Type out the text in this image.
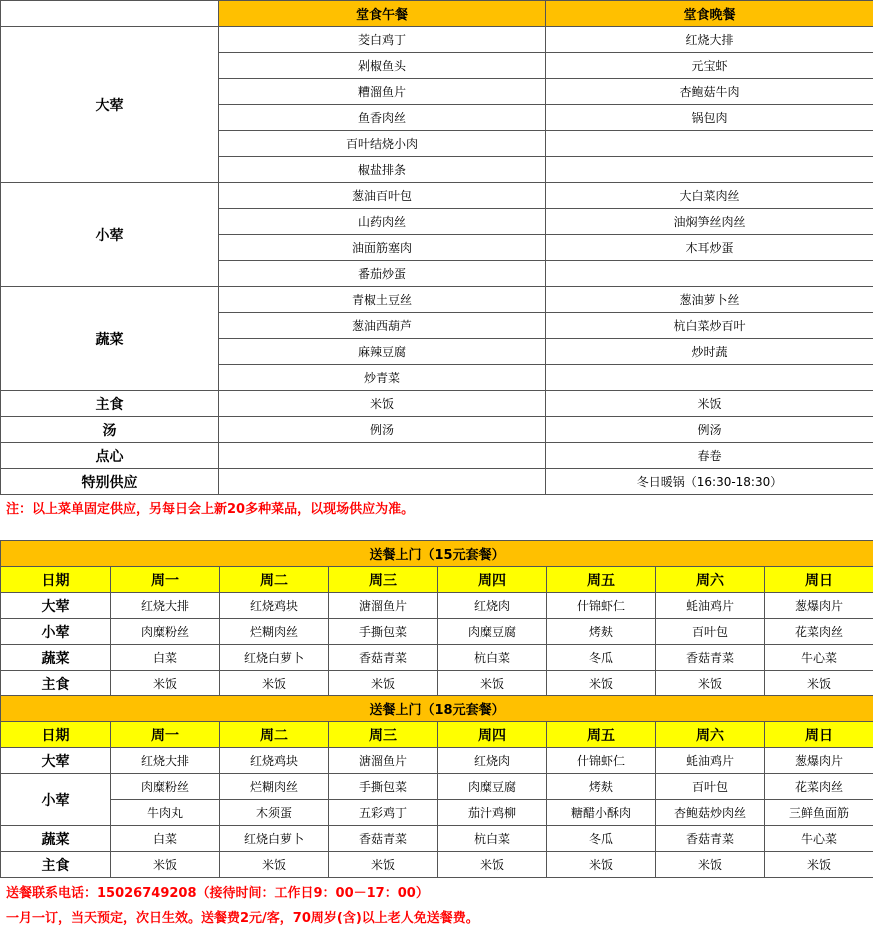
	堂食午餐	堂食晚餐
大荤	茭白鸡丁	红烧大排
	剁椒鱼头	元宝虾
	糟溜鱼片	杏鲍菇牛肉
	鱼香肉丝	锅包肉
	百叶结烧小肉	
	椒盐排条	
小荤	葱油百叶包	大白菜肉丝
	山药肉丝	油焖笋丝肉丝
	油面筋塞肉	木耳炒蛋
	番茄炒蛋	
蔬菜	青椒土豆丝	葱油萝卜丝
	葱油西葫芦	杭白菜炒百叶
	麻辣豆腐	炒时蔬
	炒青菜	
主食	米饭	米饭
汤	例汤	例汤
点心		春卷
特别供应		冬日暖锅（16:30-18:30）
注：以上菜单固定供应，另每日会上新20多种菜品，以现场供应为准。
送餐上门（15元套餐）							
日期	周一	周二	周三	周四	周五	周六	周日
大荤	红烧大排	红烧鸡块	溏溜鱼片	红烧肉	什锦虾仁	蚝油鸡片	葱爆肉片
小荤	肉糜粉丝	烂糊肉丝	手撕包菜	肉糜豆腐	烤麸	百叶包	花菜肉丝
蔬菜	白菜	红烧白萝卜	香菇青菜	杭白菜	冬瓜	香菇青菜	牛心菜
主食	米饭	米饭	米饭	米饭	米饭	米饭	米饭
送餐上门（18元套餐）							
日期	周一	周二	周三	周四	周五	周六	周日
大荤	红烧大排	红烧鸡块	溏溜鱼片	红烧肉	什锦虾仁	蚝油鸡片	葱爆肉片
小荤	肉糜粉丝	烂糊肉丝	手撕包菜	肉糜豆腐	烤麸	百叶包	花菜肉丝
	牛肉丸	木须蛋	五彩鸡丁	茄汁鸡柳	糖醋小酥肉	杏鲍菇炒肉丝	三鲜鱼面筋
蔬菜	白菜	红烧白萝卜	香菇青菜	杭白菜	冬瓜	香菇青菜	牛心菜
主食	米饭	米饭	米饭	米饭	米饭	米饭	米饭
送餐联系电话：15026749208（接待时间：工作日9：00－17：00）
一月一订，当天预定，次日生效。送餐费2元/客，70周岁(含)以上老人免送餐费。
